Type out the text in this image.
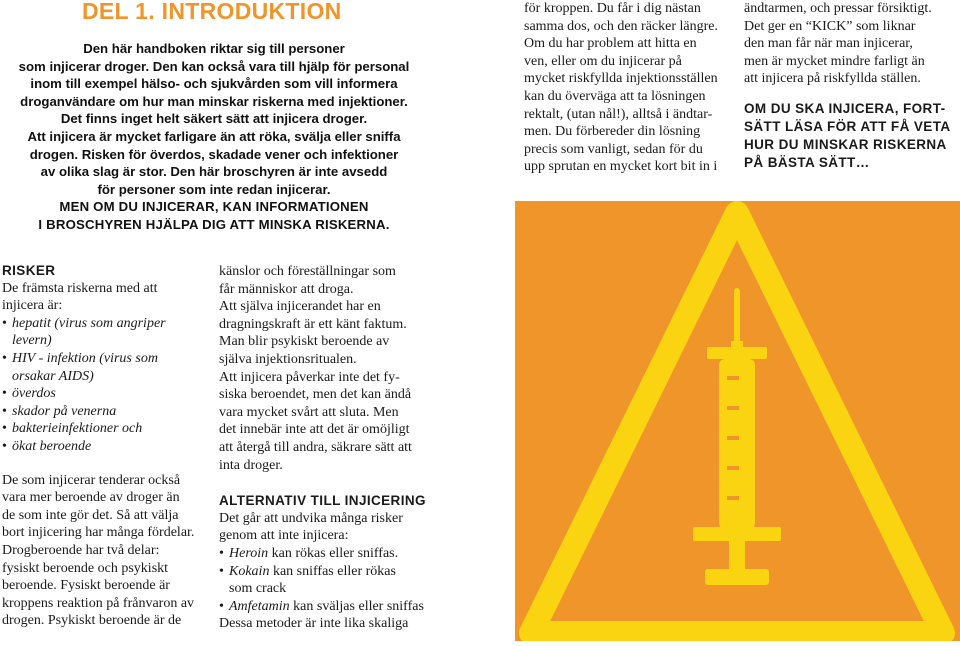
DEL 1. INTRODUKTION

Den här handboken riktar sig till personer

som injicerar droger. Den kan också vara till hjälp för personal

inom till exempel hälso- och sjukvården som vill informera

droganvändare om hur man minskar riskerna med injektioner.

Det finns inget helt säkert sätt att injicera droger.

Att injicera är mycket farligare än att röka, svälja eller sniffa

drogen. Risken för överdos, skadade vener och infektioner

av olika slag är stor. Den här broschyren är inte avsedd

för personer som inte redan injicerar.

MEN OM DU INJICERAR, KAN INFORMATIONEN

I BROSCHYREN HJÄLPA DIG ATT MINSKA RISKERNA.

RISKER

De främsta riskerna med att

injicera är:

• hepatit (virus som angriper
levern)
• HIV - infektion (virus som
orsakar AIDS)
• överdos
• skador på venerna
• bakterieinfektioner och
• ökat beroende

De som injicerar tenderar också

vara mer beroende av droger än

de som inte gör det. Så att välja

bort injicering har många fördelar.

Drogberoende har två delar:

fysiskt beroende och psykiskt

beroende. Fysiskt beroende är

kroppens reaktion på frånvaron av

drogen. Psykiskt beroende är de

känslor och föreställningar som

får människor att droga.

Att själva injicerandet har en

dragningskraft är ett känt faktum.

Man blir psykiskt beroende av

själva injektionsritualen.

Att injicera påverkar inte det fy-

siska beroendet, men det kan ändå

vara mycket svårt att sluta. Men

det innebär inte att det är omöjligt

att återgå till andra, säkrare sätt att

inta droger.

ALTERNATIV TILL INJICERING

Det går att undvika många risker

genom att inte injicera:

• Heroin kan rökas eller sniffas.
• Kokain kan sniffas eller rökas
som crack
• Amfetamin kan sväljas eller sniffas

Dessa metoder är inte lika skaliga

för kroppen. Du får i dig nästan

samma dos, och den räcker längre.

Om du har problem att hitta en

ven, eller om du injicerar på

mycket riskfyllda injektionsställen

kan du överväga att ta lösningen

rektalt, (utan nål!), alltså i ändtar-

men. Du förbereder din lösning

precis som vanligt, sedan för du

upp sprutan en mycket kort bit in i

ändtarmen, och pressar försiktigt.

Det ger en “KICK” som liknar

den man får när man injicerar,

men är mycket mindre farligt än

att injicera på riskfyllda ställen.

OM DU SKA INJICERA, FORT-
SÄTT LÄSA FÖR ATT FÅ VETA
HUR DU MINSKAR RISKERNA
PÅ BÄSTA SÄTT…
